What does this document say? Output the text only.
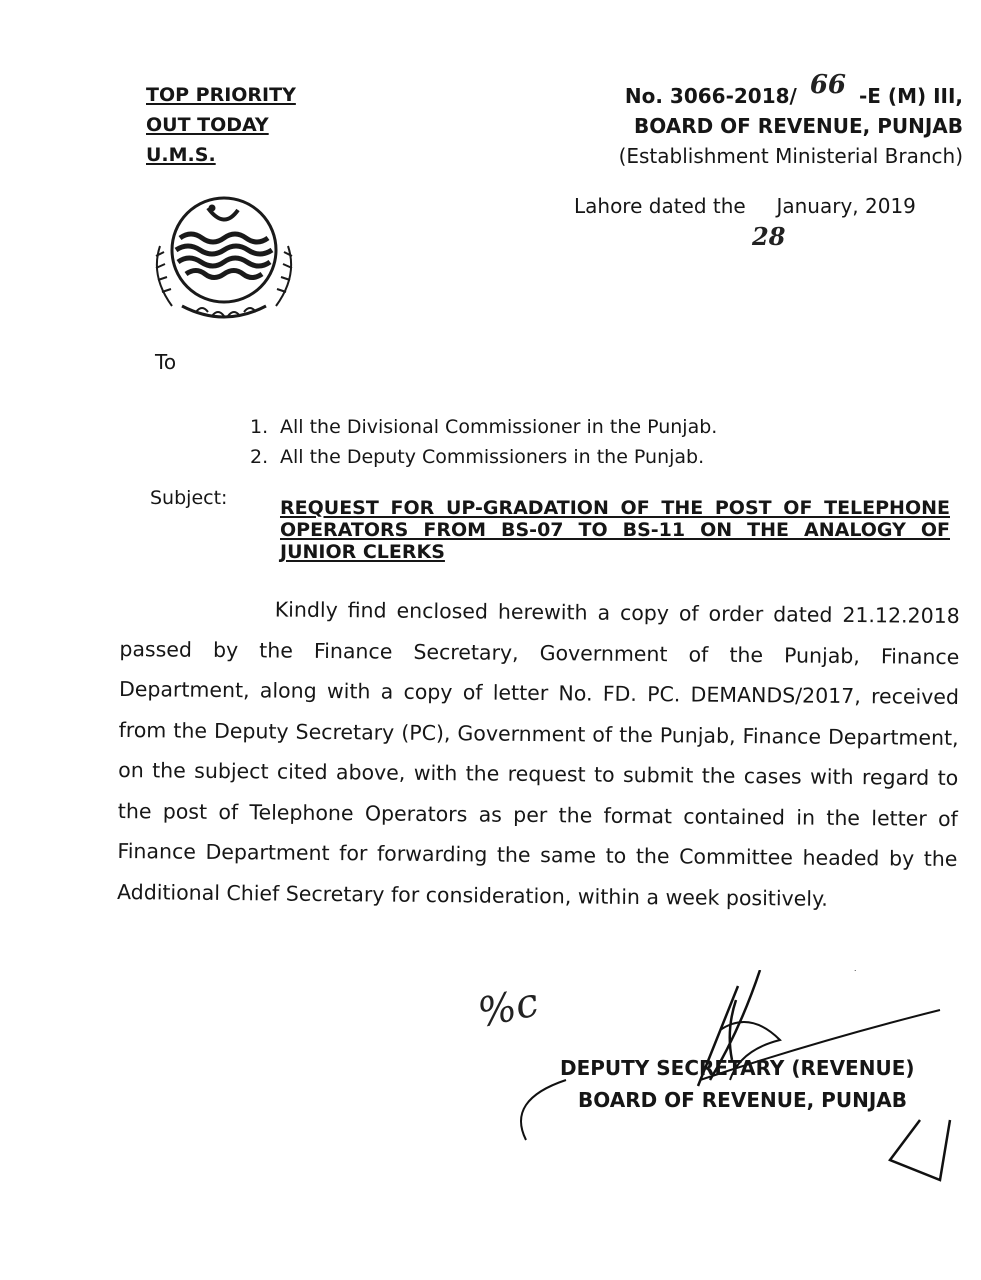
TOP PRIORITY
OUT TODAY
U.M.S.
No. 3066-2018/ 66 -E (M) III,
BOARD OF REVENUE, PUNJAB
(Establishment Ministerial Branch)
Lahore dated the January, 2019
28
To
1. All the Divisional Commissioner in the Punjab.
2. All the Deputy Commissioners in the Punjab.
Subject:	REQUEST FOR UP-GRADATION OF THE POST OF TELEPHONE OPERATORS FROM BS-07 TO BS-11 ON THE ANALOGY OF JUNIOR CLERKS
Kindly find enclosed herewith a copy of order dated 21.12.2018 passed by the Finance Secretary, Government of the Punjab, Finance Department, along with a copy of letter No. FD. PC. DEMANDS/2017, received from the Deputy Secretary (PC), Government of the Punjab, Finance Department, on the subject cited above, with the request to submit the cases with regard to the post of Telephone Operators as per the format contained in the letter of Finance Department for forwarding the same to the Committee headed by the Additional Chief Secretary for consideration, within a week positively.
%c
DEPUTY SECRETARY (REVENUE)
BOARD OF REVENUE, PUNJAB
